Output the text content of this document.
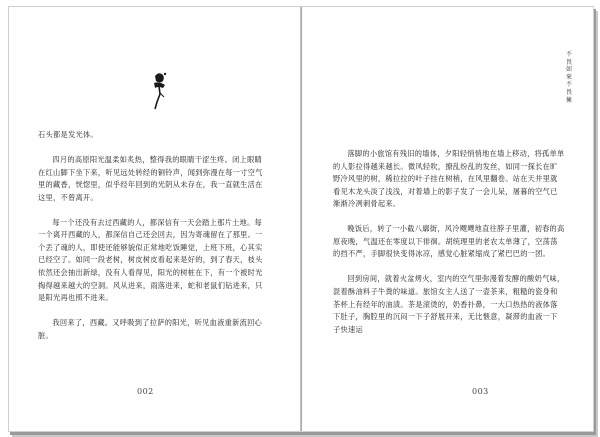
石头都是发光体。

四月的高原阳光温柔如炙热，整得我的眼睛干涩生疼。闭上眼睛在红山脚下坐下来，听见远处转经的铜铃声，闻到弥漫在每一寸空气里的藏香，恍惚里，似乎经年回到的光阴从未存在，我一直就生活在这里，不曾离开。

每一个还没有去过西藏的人，都深信有一天会踏上那片土地。每一个离开西藏的人，都深信自己还会回去，因为寄魂留在了那里。一个丢了魂的人，即使还能够貌似正常地吃饭睡觉，上班下班，心其实已经空了。如同一段老树，树皮树皮看起来是好的，到了春天，枝头依然还会抽出新绿，没有人看得见，阳光的树桩在下，有一个被时光掏得越来越大的空洞。风从进来，雨落进来，蛇和老鼠们钻进来，只是阳光再也照不进来。

我回来了，西藏。又呼吸到了拉萨的阳光，听见血液重新流回心脏。

002
不畏如來不畏擁

落脚的小旅馆有残旧的墙体，夕阳轻悄悄地在墙上移动，将孤单单的人影拉得越来越长。微风轻吹，撩乱纷乱的发丝，如同一探长在旷野冷风里的树，稀拉拉的叶子挂在树梢，在风里翻卷。站在天井里就看见木龙头淡了浅浅，对着墙上的影子发了一会儿呆，屠暮的空气已渐渐冷冽刺骨起来。

晚饭后，转了一小截八廓街，风冷飕飕地直往脖子里灌，初春的高原夜晚，气温还在零度以下徘徊。胡统理里的老农太单薄了，空荡荡的挡不严，手脚很快变得冰凉，感觉心脏紧缩成了紧巴巴的一团。

回到房间，就着火盆烤火，室内的空气里弥漫着发酵的酸奶气味，混着酥油料子牛粪的味道。旅馆女主人送了一壶茶来，粗糙的瓷身和茶杯上有经年的油渍。茶是滚烫的，奶香扑鼻，一大口热热的液体落下肚子，胸腔里的沉闷一下子舒展开来，无比惬意，凝滞的血液一下子快速运

003
